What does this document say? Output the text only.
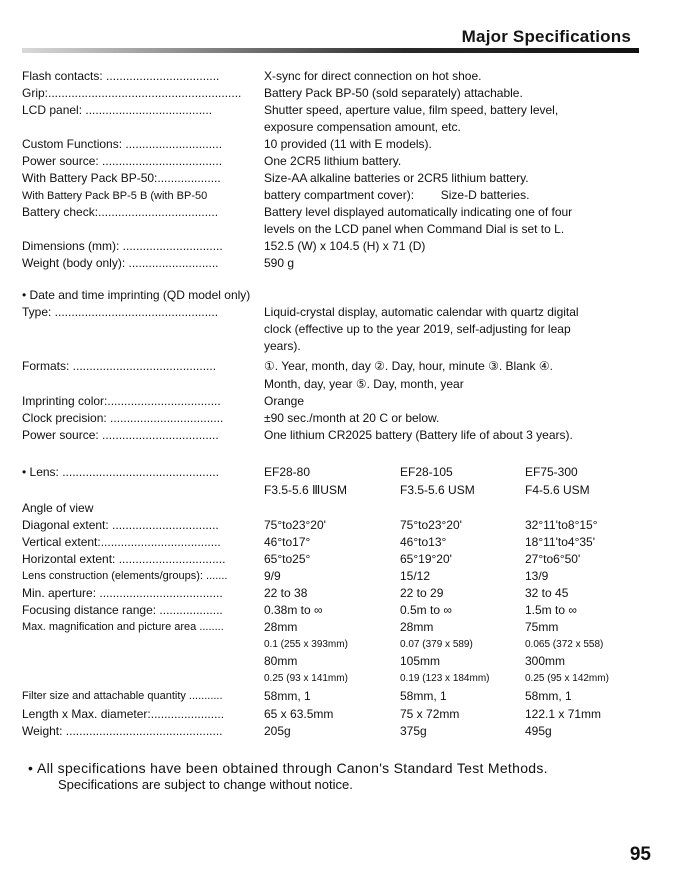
Major Specifications
Flash contacts: ..................................	X-sync for direct connection on hot shoe.
Grip:.......................................................... Battery Pack BP-50 (sold separately) attachable.
LCD panel: ......................................	Shutter speed, aperture value, film speed, battery level,
exposure compensation amount, etc.
Custom Functions: .............................	10 provided (11 with E models).
Power source: ....................................	One 2CR5 lithium battery.
With Battery Pack BP-50:...................	Size-AA alkaline batteries or 2CR5 lithium battery.
With Battery Pack BP-5 B (with BP-50	battery compartment cover):        Size-D batteries.
Battery check:....................................	Battery level displayed automatically indicating one of four
levels on the LCD panel when Command Dial is set to L.
Dimensions (mm): ..............................	152.5 (W) x 104.5 (H) x 71 (D)
Weight (body only): ...........................	590 g
• Date and time imprinting (QD model only)
Type: .................................................	Liquid-crystal display, automatic calendar with quartz digital
clock (effective up to the year 2019, self-adjusting for leap
years).
Formats: ...........................................	①. Year, month, day ②. Day, hour, minute ③. Blank ④.
Month, day, year ⑤. Day, month, year
Imprinting color:..................................	Orange
Clock precision: ..................................	±90 sec./month at 20 C or below.
Power source: ...................................	One lithium CR2025 battery (Battery life of about 3 years).
• Lens: ...............................................	EF28-80	EF28-105	EF75-300
F3.5-5.6 ⅢUSM	F3.5-5.6 USM	F4-5.6 USM
Angle of view
Diagonal extent: ................................	75°to23°20'	75°to23°20'	32°11'to8°15°
Vertical extent:....................................	46°to17°	46°to13°	18°11'to4°35'
Horizontal extent: ................................	65°to25°	65°19°20'	27°to6°50'
Lens construction (elements/groups): .......	9/9	15/12	13/9
Min. aperture: .....................................	22 to 38	22 to 29	32 to 45
Focusing distance range: ...................	0.38m to ∞	0.5m to ∞	1.5m to ∞
Max. magnification and picture area ........	28mm	28mm	75mm
0.1 (255 x 393mm)	0.07 (379 x 589)	0.065 (372 x 558)
80mm	105mm	300mm
0.25 (93 x 141mm)	0.19 (123 x 184mm)	0.25 (95 x 142mm)
Filter size and attachable quantity ...........	58mm, 1	58mm, 1	58mm, 1
Length x Max. diameter:......................	65 x 63.5mm	75 x 72mm	122.1 x 71mm
Weight: ...............................................	205g	375g	495g
• All specifications have been obtained through Canon's Standard Test Methods.
Specifications are subject to change without notice.
95
